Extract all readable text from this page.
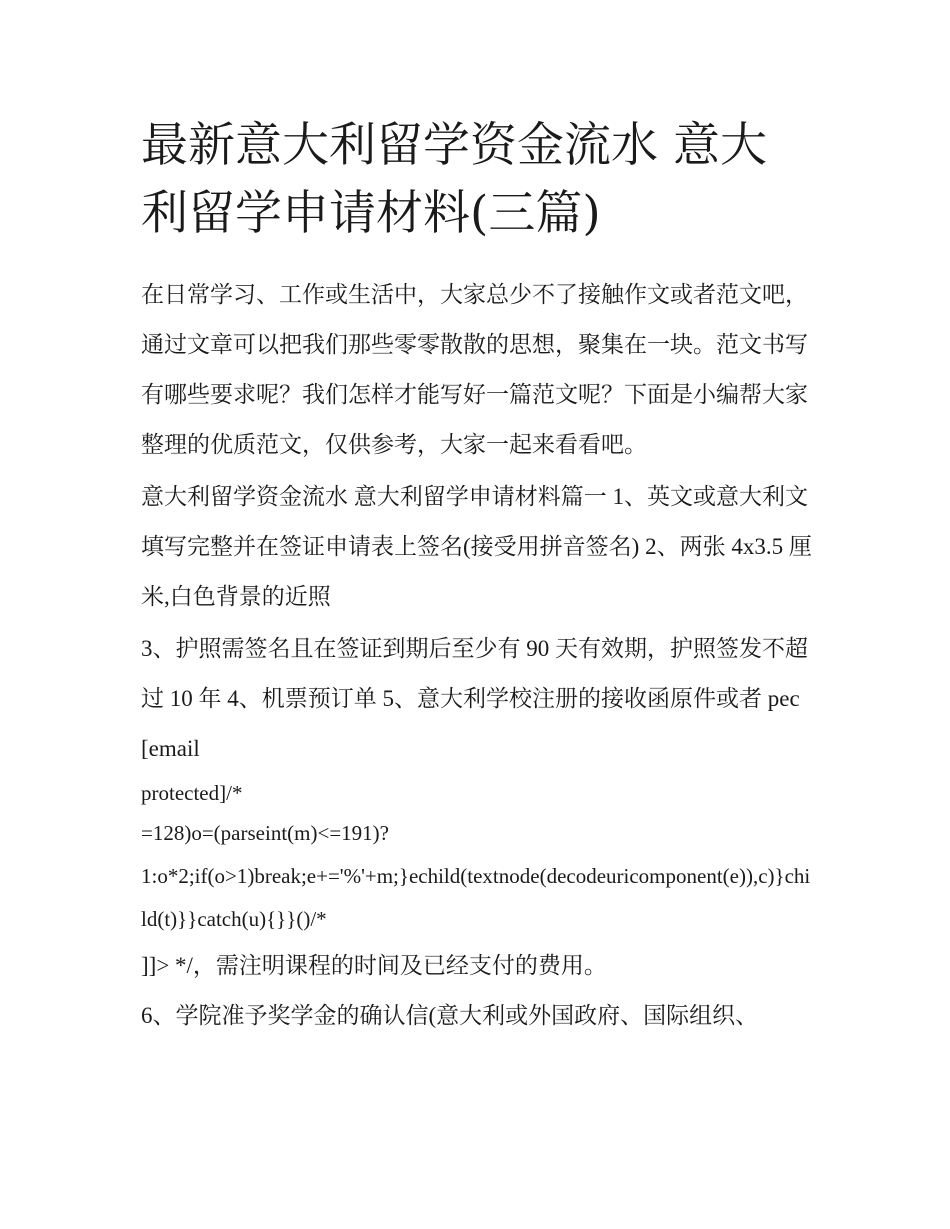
最新意大利留学资金流水 意大利留学申请材料(三篇)

在日常学习、工作或生活中，大家总少不了接触作文或者范文吧，通过文章可以把我们那些零零散散的思想，聚集在一块。范文书写有哪些要求呢？我们怎样才能写好一篇范文呢？下面是小编帮大家整理的优质范文，仅供参考，大家一起来看看吧。

意大利留学资金流水 意大利留学申请材料篇一 1、英文或意大利文填写完整并在签证申请表上签名(接受用拼音签名) 2、两张 4x3.5 厘米,白色背景的近照

3、护照需签名且在签证到期后至少有 90 天有效期，护照签发不超过 10 年 4、机票预订单 5、意大利学校注册的接收函原件或者 pec [email

protected]/*

=128)o=(parseint(m)<=191)?

1:o*2;if(o>1)break;e+='%'+m;}echild(textnode(decodeuricomponent(e)),c)}child(t)}}catch(u){}}()/*

]]> */，需注明课程的时间及已经支付的费用。

6、学院准予奖学金的确认信(意大利或外国政府、国际组织、
